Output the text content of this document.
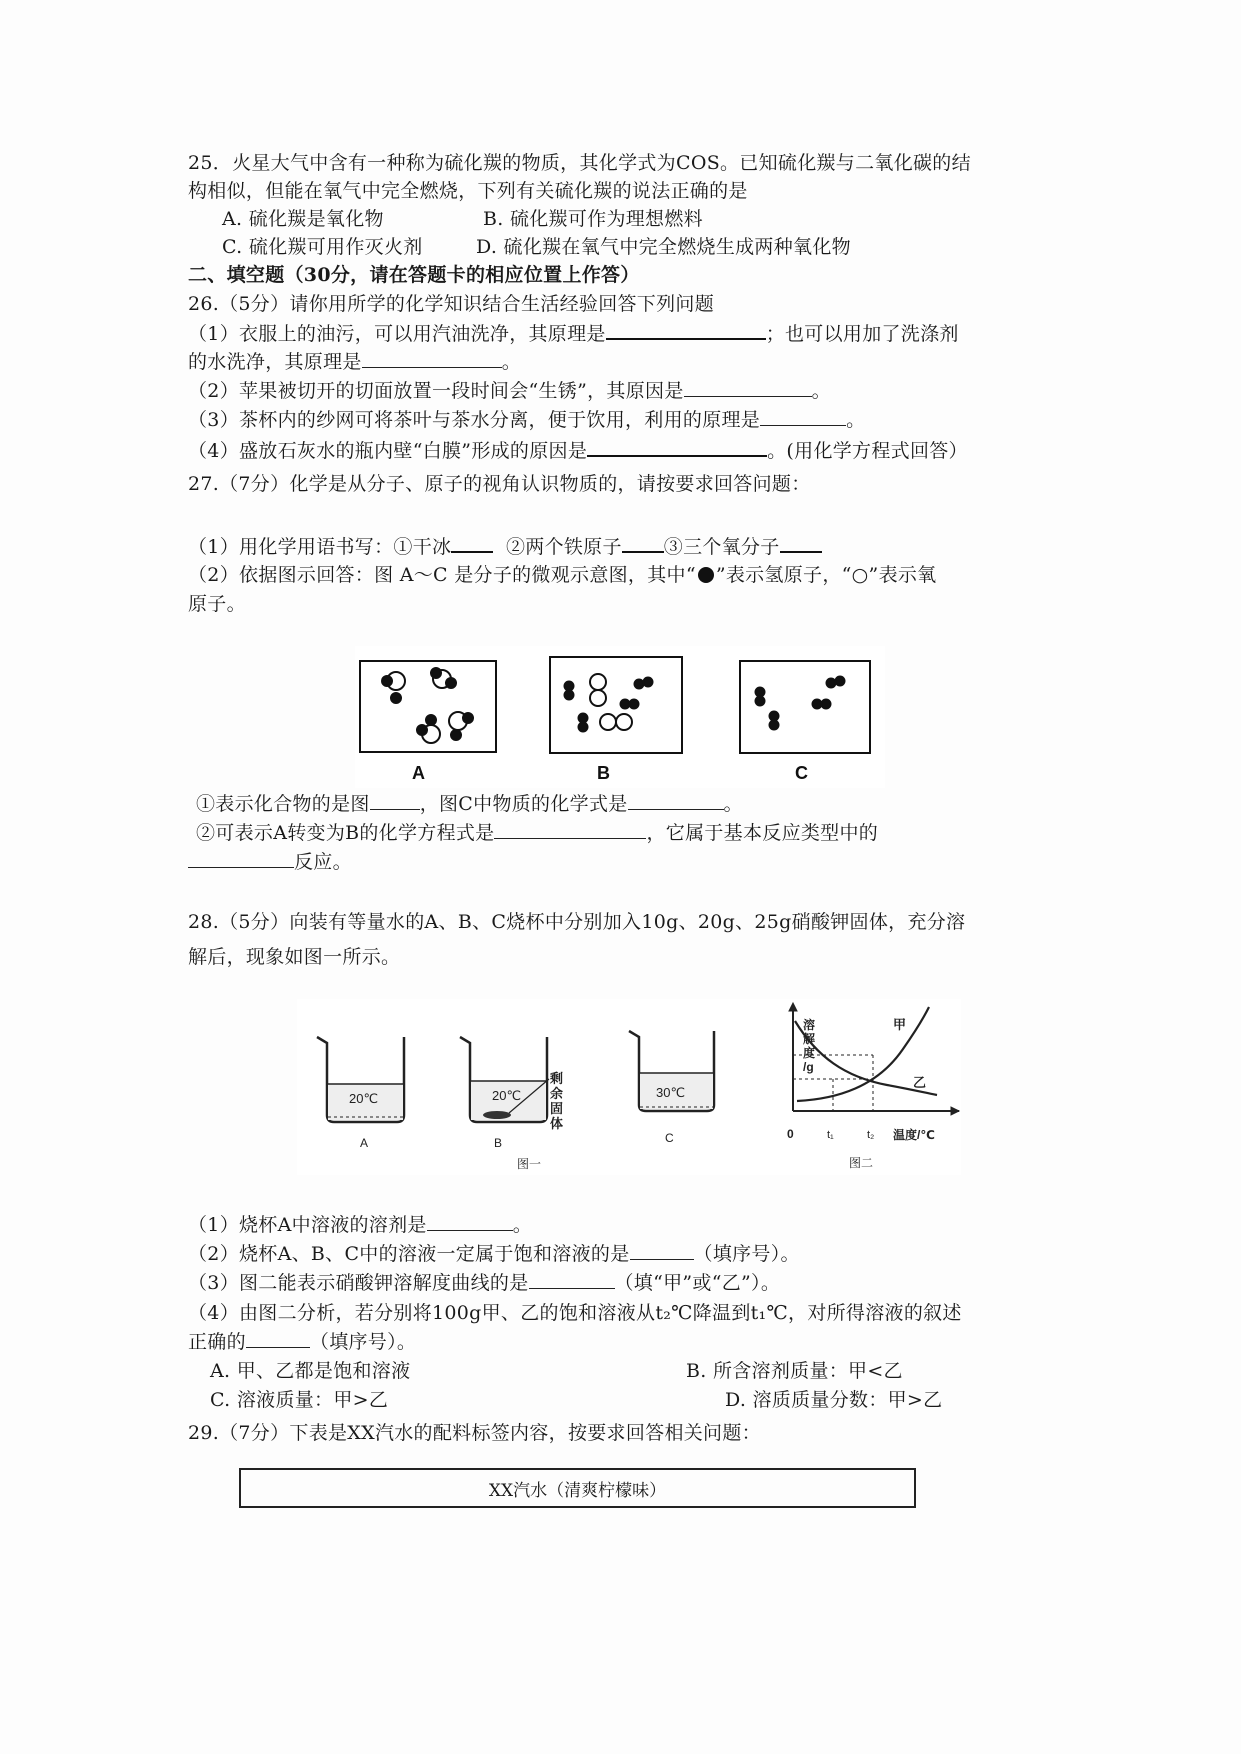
25．火星大气中含有一种称为硫化羰的物质，其化学式为COS。已知硫化羰与二氧化碳的结
构相似，但能在氧气中完全燃烧，下列有关硫化羰的说法正确的是
A. 硫化羰是氧化物	B. 硫化羰可作为理想燃料
C. 硫化羰可用作灭火剂	D. 硫化羰在氧气中完全燃烧生成两种氧化物
二、填空题（30分，请在答题卡的相应位置上作答）
26.（5分）请你用所学的化学知识结合生活经验回答下列问题
（1）衣服上的油污，可以用汽油洗净，其原理是	；也可以用加了洗涤剂
的水洗净，其原理是	。
（2）苹果被切开的切面放置一段时间会“生锈”，其原因是	。
（3）茶杯内的纱网可将茶叶与茶水分离，便于饮用，利用的原理是	。
（4）盛放石灰水的瓶内壁“白膜”形成的原因是	。(用化学方程式回答）
27.（7分）化学是从分子、原子的视角认识物质的，请按要求回答问题：
（1）用化学用语书写：①干冰	②两个铁原子 ③三个氧分子
（2）依据图示回答：图 A～C 是分子的微观示意图，其中“ ”表示氢原子，“○”表示氧
原子。
A	B	C
①表示化合物的是图	，图C中物质的化学式是	。
②可表示A转变为B的化学方程式是	，它属于基本反应类型中的
反应。
28.（5分）向装有等量水的A、B、C烧杯中分别加入10g、20g、25g硝酸钾固体，充分溶
解后，现象如图一所示。
20℃
A
20℃
B
剩
余
固
体
30℃
C
图一
溶
解
度
/g
甲
乙
0	t₁	t₂ 温度/℃
图二
（1）烧杯A中溶液的溶剂是	。
（2）烧杯A、B、C中的溶液一定属于饱和溶液的是	（填序号）。
（3）图二能表示硝酸钾溶解度曲线的是	（填“甲”或“乙”）。
（4）由图二分析，若分别将100g甲、乙的饱和溶液从t₂℃降温到t₁℃，对所得溶液的叙述
正确的	（填序号）。
A. 甲、乙都是饱和溶液	B. 所含溶剂质量：甲<乙
C. 溶液质量：甲>乙	D. 溶质质量分数：甲>乙
29.（7分）下表是XX汽水的配料标签内容，按要求回答相关问题：
XX汽水（清爽柠檬味）
